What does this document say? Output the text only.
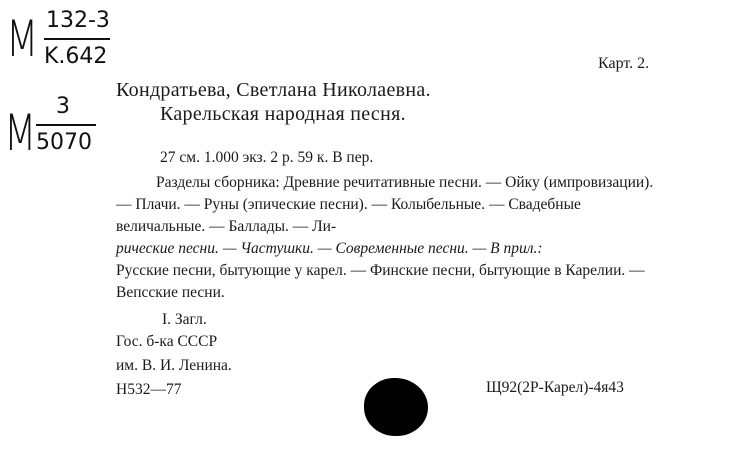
M 132-3
K.642
M 3
5070
Карт. 2.
Кондратьева, Светлана Николаевна.
Карельская народная песня.
27 см. 1.000 экз. 2 р. 59 к. В пер.
Разделы сборника: Древние речитативные песни. — Ойку (импровизации). — Плачи. — Руны (эпические песни). — Колыбельные. — Свадебные величальные. — Баллады. — Ли-
рические песни. — Частушки. — Современные песни. — В прил.:
Русские песни, бытующие у карел. — Финские песни, бытующие в Карелии. — Вепсские песни.
I. Загл.
Гос. б-ка СССР
им. В. И. Ленина.
Н532—77	Щ92(2Р-Карел)-4я43
